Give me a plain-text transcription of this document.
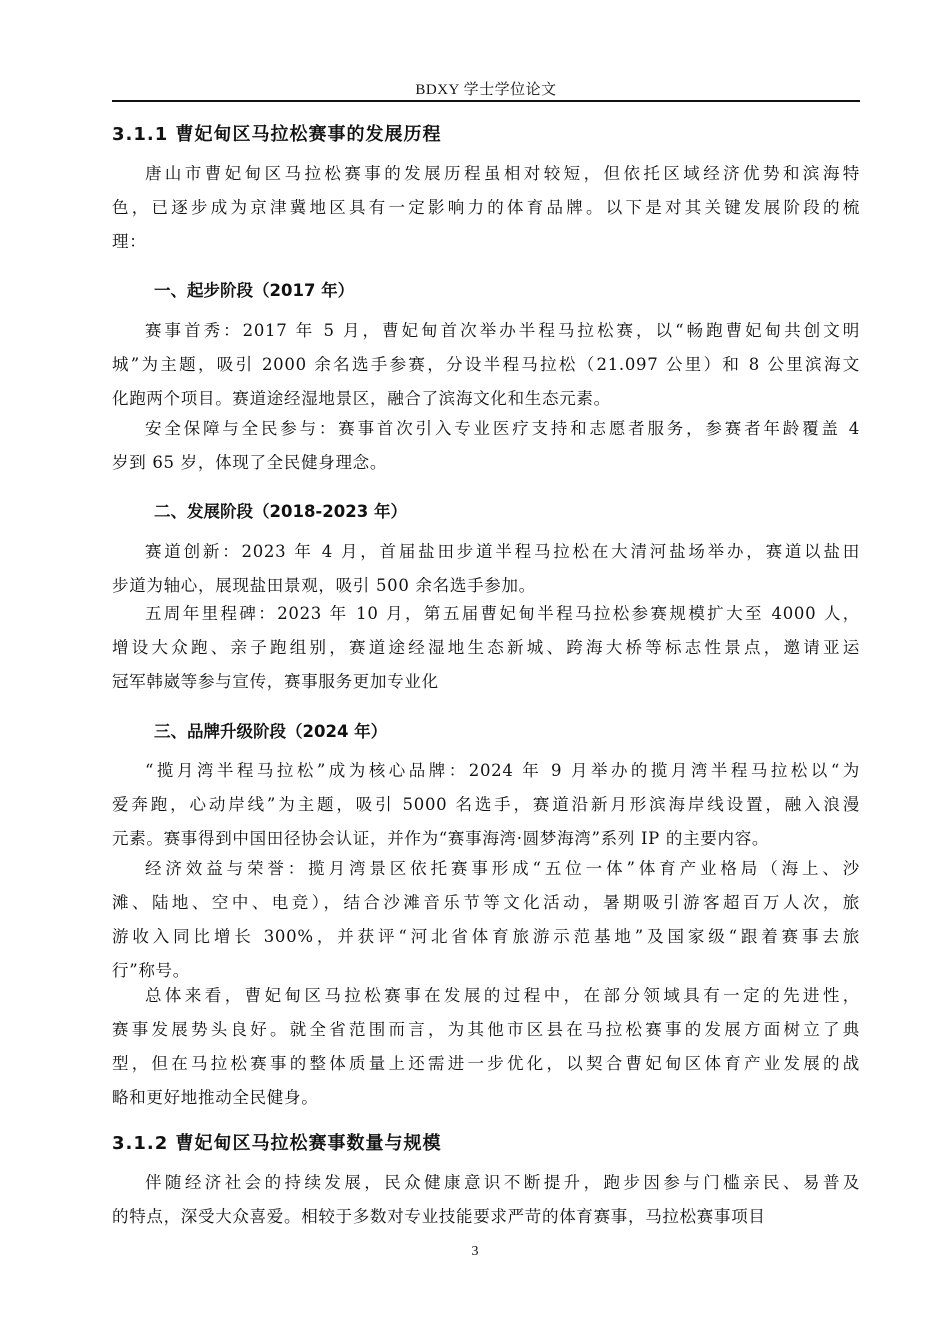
BDXY 学士学位论文
3.1.1 曹妃甸区马拉松赛事的发展历程
唐山市曹妃甸区马拉松赛事的发展历程虽相对较短，但依托区域经济优势和滨海特
色，已逐步成为京津冀地区具有一定影响力的体育品牌。以下是对其关键发展阶段的梳
理：
一、起步阶段（2017 年）
赛事首秀：2017 年 5 月，曹妃甸首次举办半程马拉松赛，以“畅跑曹妃甸共创文明
城”为主题，吸引 2000 余名选手参赛，分设半程马拉松（21.097 公里）和 8 公里滨海文
化跑两个项目。赛道途经湿地景区，融合了滨海文化和生态元素。
安全保障与全民参与：赛事首次引入专业医疗支持和志愿者服务，参赛者年龄覆盖 4
岁到 65 岁，体现了全民健身理念。
二、发展阶段（2018-2023 年）
赛道创新：2023 年 4 月，首届盐田步道半程马拉松在大清河盐场举办，赛道以盐田
步道为轴心，展现盐田景观，吸引 500 余名选手参加。
五周年里程碑：2023 年 10 月，第五届曹妃甸半程马拉松参赛规模扩大至 4000 人，
增设大众跑、亲子跑组别，赛道途经湿地生态新城、跨海大桥等标志性景点，邀请亚运
冠军韩崴等参与宣传，赛事服务更加专业化
三、品牌升级阶段（2024 年）
“揽月湾半程马拉松”成为核心品牌：2024 年 9 月举办的揽月湾半程马拉松以“为
爱奔跑，心动岸线”为主题，吸引 5000 名选手，赛道沿新月形滨海岸线设置，融入浪漫
元素。赛事得到中国田径协会认证，并作为“赛事海湾·圆梦海湾”系列 IP 的主要内容。
经济效益与荣誉：揽月湾景区依托赛事形成“五位一体”体育产业格局（海上、沙
滩、陆地、空中、电竞），结合沙滩音乐节等文化活动，暑期吸引游客超百万人次，旅
游收入同比增长 300%，并获评“河北省体育旅游示范基地”及国家级“跟着赛事去旅
行”称号。
总体来看，曹妃甸区马拉松赛事在发展的过程中，在部分领域具有一定的先进性，
赛事发展势头良好。就全省范围而言，为其他市区县在马拉松赛事的发展方面树立了典
型，但在马拉松赛事的整体质量上还需进一步优化，以契合曹妃甸区体育产业发展的战
略和更好地推动全民健身。
3.1.2 曹妃甸区马拉松赛事数量与规模
伴随经济社会的持续发展，民众健康意识不断提升，跑步因参与门槛亲民、易普及
的特点，深受大众喜爱。相较于多数对专业技能要求严苛的体育赛事，马拉松赛事项目
3
